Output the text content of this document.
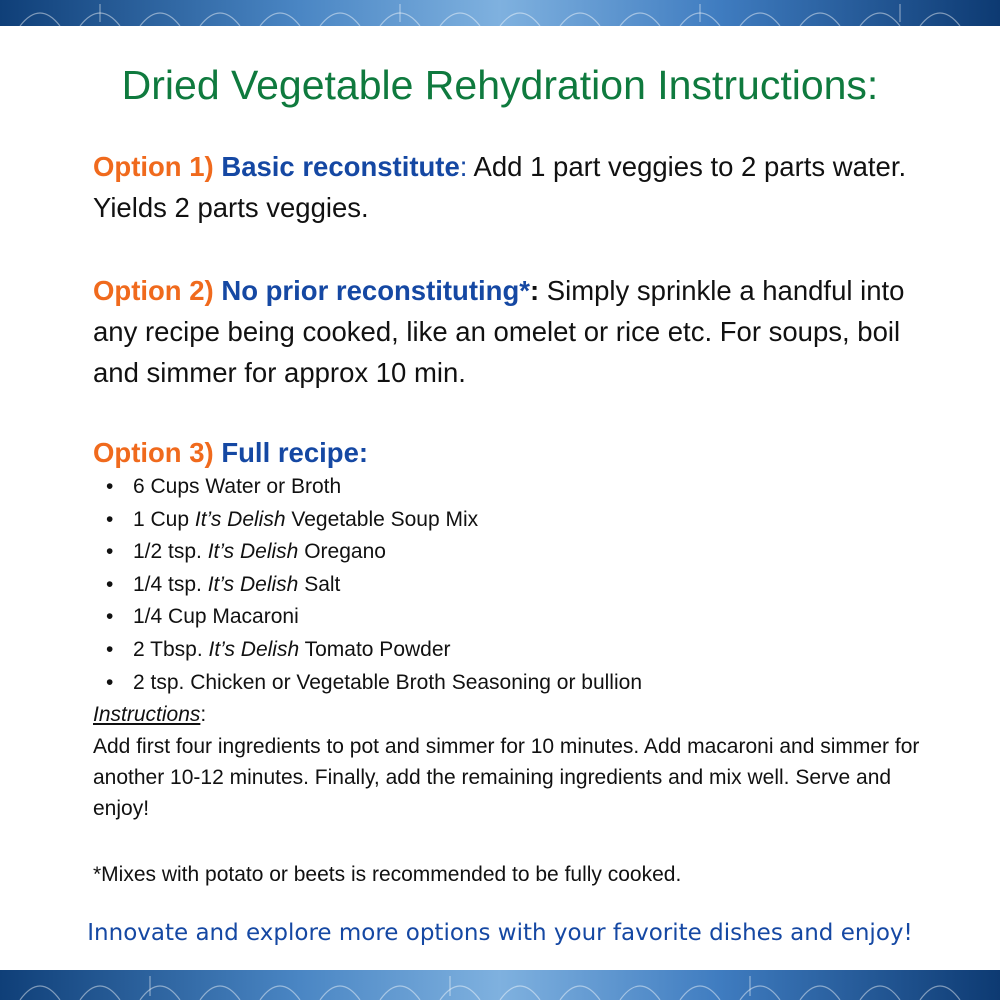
Dried Vegetable Rehydration Instructions:

Option 1) Basic reconstitute: Add 1 part veggies to 2 parts water. Yields 2 parts veggies.

Option 2) No prior reconstituting*: Simply sprinkle a handful into any recipe being cooked, like an omelet or rice etc. For soups, boil and simmer for approx 10 min.

Option 3) Full recipe:

• 6 Cups Water or Broth
• 1 Cup It’s Delish Vegetable Soup Mix
• 1/2 tsp. It’s Delish Oregano
• 1/4 tsp. It’s Delish Salt
• 1/4 Cup Macaroni
• 2 Tbsp. It’s Delish Tomato Powder
• 2 tsp. Chicken or Vegetable Broth Seasoning or bullion

Instructions:

Add first four ingredients to pot and simmer for 10 minutes. Add macaroni and simmer for another 10-12 minutes. Finally, add the remaining ingredients and mix well. Serve and enjoy!

*Mixes with potato or beets is recommended to be fully cooked.

Innovate and explore more options with your favorite dishes and enjoy!
